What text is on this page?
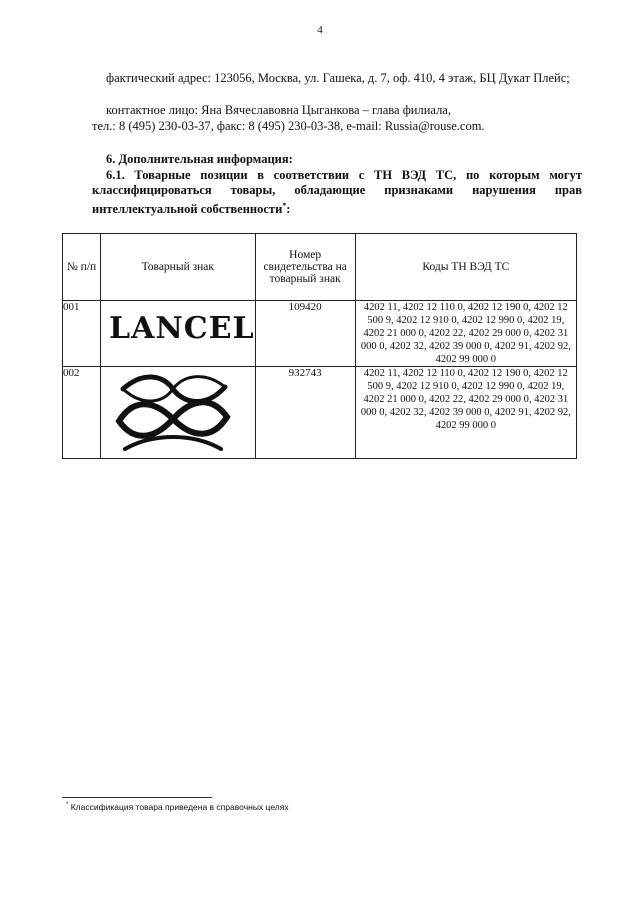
4
фактический адрес: 123056, Москва, ул. Гашека, д. 7, оф. 410, 4 этаж, БЦ Дукат Плейс;
контактное лицо: Яна Вячеславовна Цыганкова – глава филиала,
тел.: 8 (495) 230-03-37, факс: 8 (495) 230-03-38, e-mail: Russia@rouse.com.
6. Дополнительная информация:
6.1. Товарные позиции в соответствии с ТН ВЭД ТС, по которым могут классифицироваться товары, обладающие признаками нарушения прав интеллектуальной собственности*:
№ п/п	Товарный знак	Номер свидетельства на товарный знак	Коды ТН ВЭД ТС
001	LANCEL	109420	4202 11, 4202 12 110 0, 4202 12 190 0, 4202 12 500 9, 4202 12 910 0, 4202 12 990 0, 4202 19, 4202 21 000 0, 4202 22, 4202 29 000 0, 4202 31 000 0, 4202 32, 4202 39 000 0, 4202 91, 4202 92, 4202 99 000 0
002		932743	4202 11, 4202 12 110 0, 4202 12 190 0, 4202 12 500 9, 4202 12 910 0, 4202 12 990 0, 4202 19, 4202 21 000 0, 4202 22, 4202 29 000 0, 4202 31 000 0, 4202 32, 4202 39 000 0, 4202 91, 4202 92, 4202 99 000 0
* Классификация товара приведена в справочных целях
